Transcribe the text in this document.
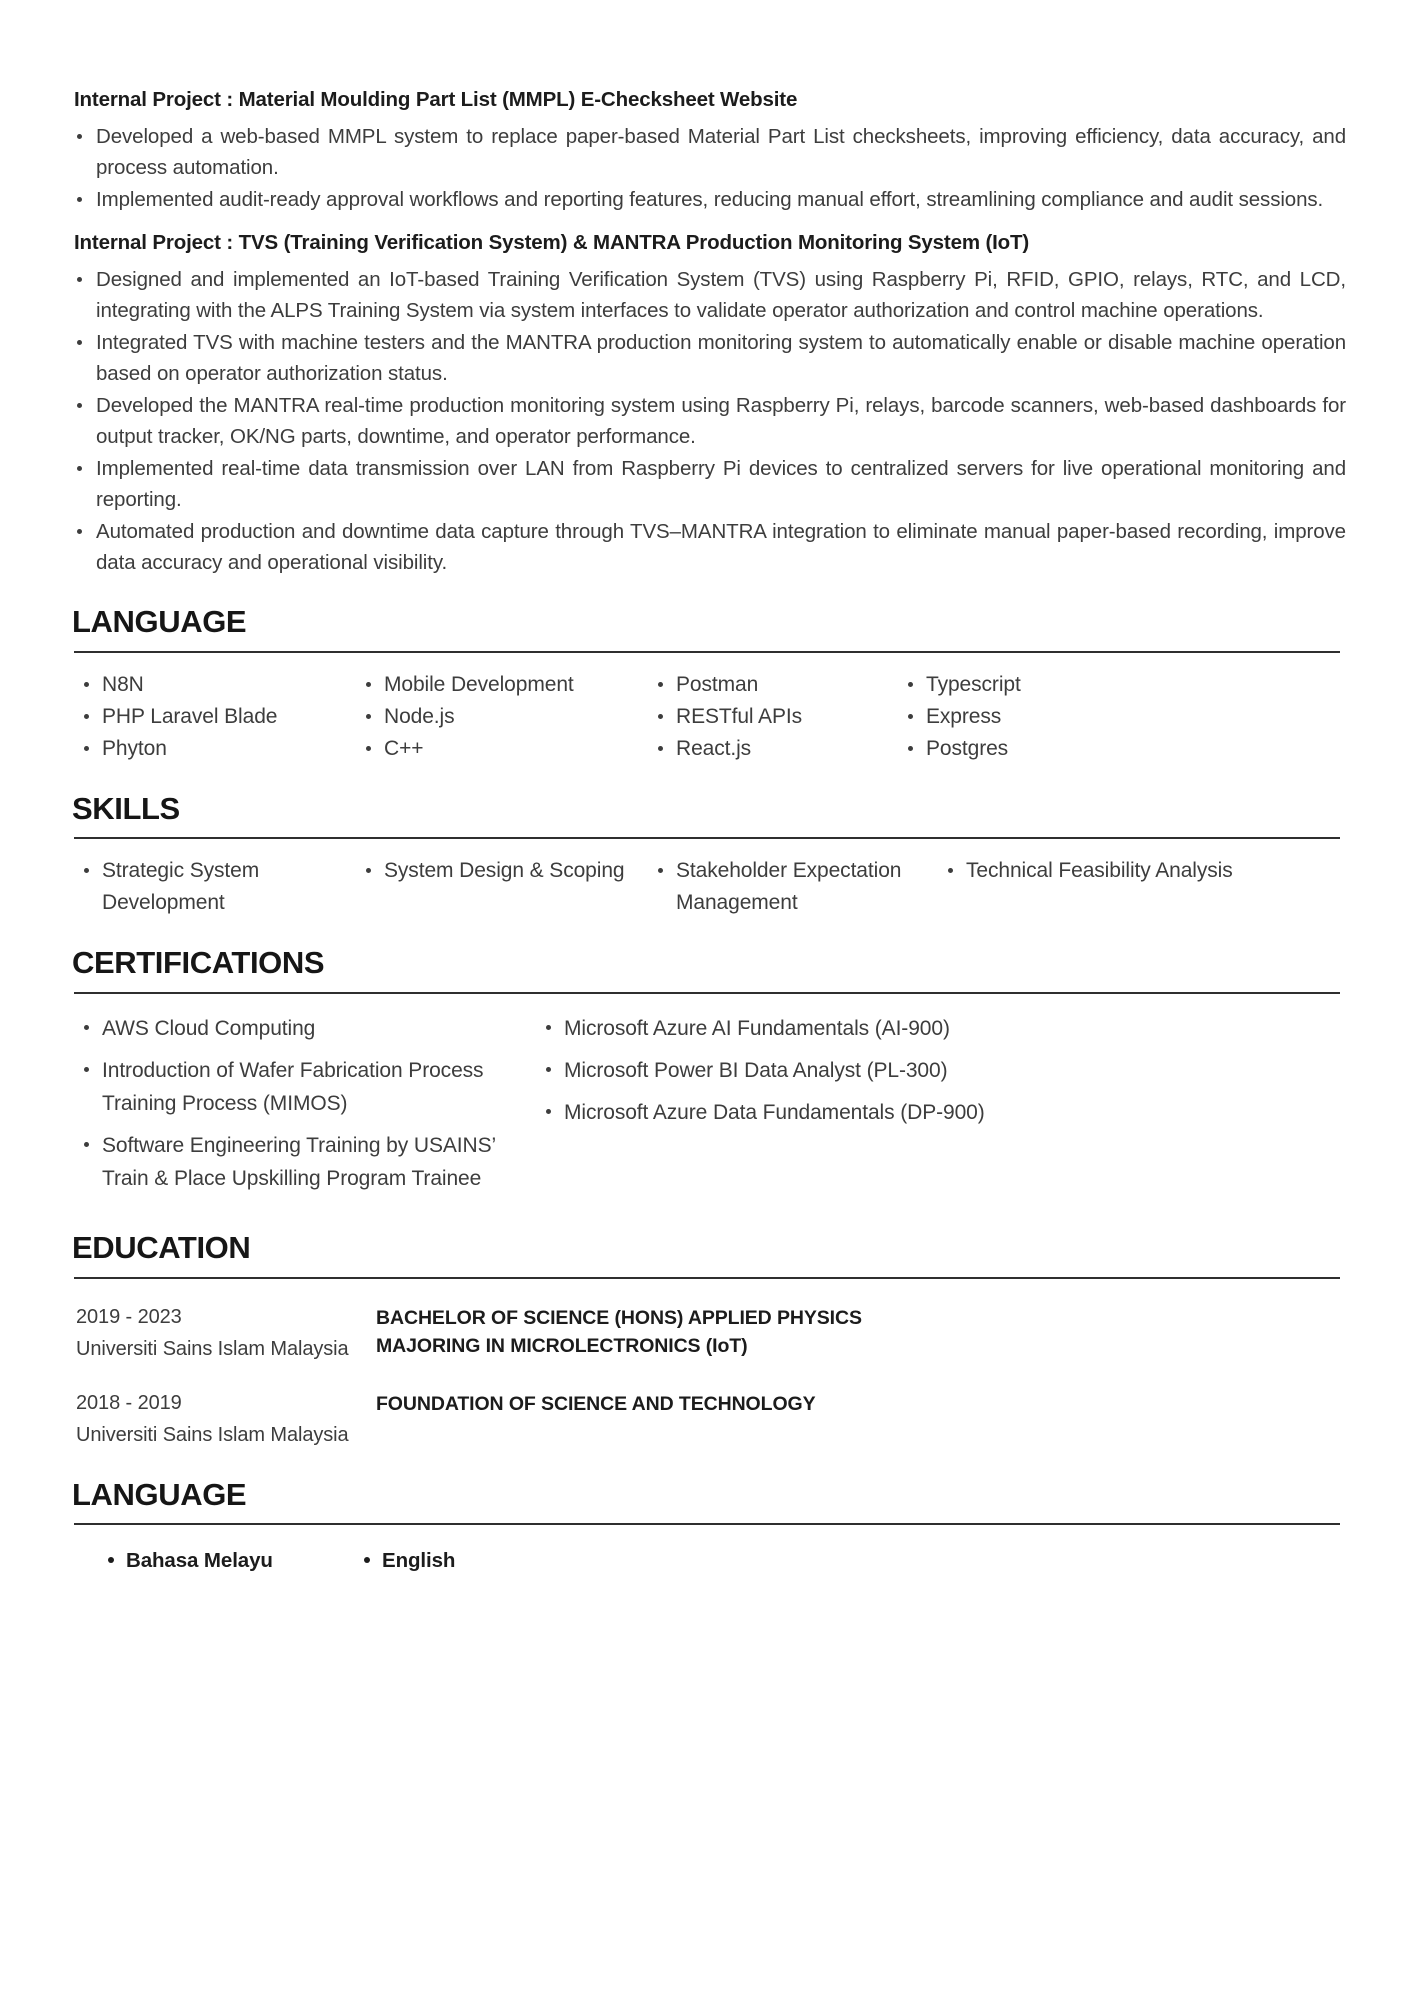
Internal Project : Material Moulding Part List (MMPL) E-Checksheet Website
Developed a web-based MMPL system to replace paper-based Material Part List checksheets, improving efficiency, data accuracy, and process automation.
Implemented audit-ready approval workflows and reporting features, reducing manual effort, streamlining compliance and audit sessions.
Internal Project : TVS (Training Verification System) & MANTRA Production Monitoring System (IoT)
Designed and implemented an IoT-based Training Verification System (TVS) using Raspberry Pi, RFID, GPIO, relays, RTC, and LCD, integrating with the ALPS Training System via system interfaces to validate operator authorization and control machine operations.
Integrated TVS with machine testers and the MANTRA production monitoring system to automatically enable or disable machine operation based on operator authorization status.
Developed the MANTRA real-time production monitoring system using Raspberry Pi, relays, barcode scanners, web-based dashboards for output tracker, OK/NG parts, downtime, and operator performance.
Implemented real-time data transmission over LAN from Raspberry Pi devices to centralized servers for live operational monitoring and reporting.
Automated production and downtime data capture through TVS–MANTRA integration to eliminate manual paper-based recording, improve data accuracy and operational visibility.
LANGUAGE
N8N
PHP Laravel Blade
Phyton
Mobile Development
Node.js
C++
Postman
RESTful APIs
React.js
Typescript
Express
Postgres
SKILLS
Strategic System Development
System Design & Scoping	Stakeholder Expectation Management
Technical Feasibility Analysis
CERTIFICATIONS
AWS Cloud Computing
Introduction of Wafer Fabrication Process Training Process (MIMOS)
Software Engineering Training by USAINS’ Train & Place Upskilling Program Trainee
Microsoft Azure AI Fundamentals (AI-900)
Microsoft Power BI Data Analyst (PL-300)
Microsoft Azure Data Fundamentals (DP-900)
EDUCATION
2019 - 2023
Universiti Sains Islam Malaysia
BACHELOR OF SCIENCE (HONS) APPLIED PHYSICS
MAJORING IN MICROLECTRONICS (IoT)
2018 - 2019
Universiti Sains Islam Malaysia
FOUNDATION OF SCIENCE AND TECHNOLOGY
LANGUAGE
Bahasa Melayu	English
